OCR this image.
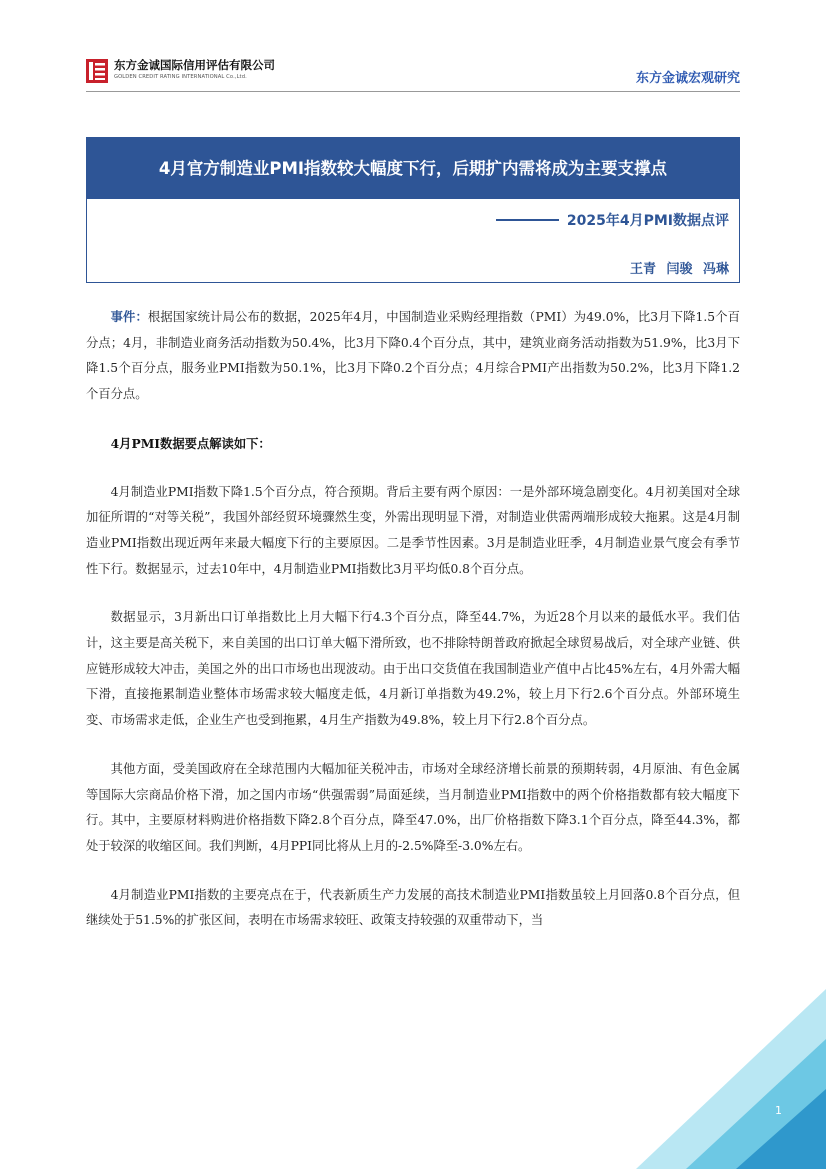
东方金诚国际信用评估有限公司
GOLDEN CREDIT RATING INTERNATIONAL Co.,Ltd.	东方金诚宏观研究
4月官方制造业PMI指数较大幅度下行，后期扩内需将成为主要支撑点
2025年4月PMI数据点评
王青 闫骏 冯琳

事件：根据国家统计局公布的数据，2025年4月，中国制造业采购经理指数（PMI）为49.0%，比3月下降1.5个百分点；4月，非制造业商务活动指数为50.4%，比3月下降0.4个百分点，其中，建筑业商务活动指数为51.9%，比3月下降1.5个百分点，服务业PMI指数为50.1%，比3月下降0.2个百分点；4月综合PMI产出指数为50.2%，比3月下降1.2个百分点。

4月PMI数据要点解读如下：

4月制造业PMI指数下降1.5个百分点，符合预期。背后主要有两个原因：一是外部环境急剧变化。4月初美国对全球加征所谓的“对等关税”，我国外部经贸环境骤然生变，外需出现明显下滑，对制造业供需两端形成较大拖累。这是4月制造业PMI指数出现近两年来最大幅度下行的主要原因。二是季节性因素。3月是制造业旺季，4月制造业景气度会有季节性下行。数据显示，过去10年中，4月制造业PMI指数比3月平均低0.8个百分点。

数据显示，3月新出口订单指数比上月大幅下行4.3个百分点，降至44.7%，为近28个月以来的最低水平。我们估计，这主要是高关税下，来自美国的出口订单大幅下滑所致，也不排除特朗普政府掀起全球贸易战后，对全球产业链、供应链形成较大冲击，美国之外的出口市场也出现波动。由于出口交货值在我国制造业产值中占比45%左右，4月外需大幅下滑，直接拖累制造业整体市场需求较大幅度走低，4月新订单指数为49.2%，较上月下行2.6个百分点。外部环境生变、市场需求走低，企业生产也受到拖累，4月生产指数为49.8%，较上月下行2.8个百分点。

其他方面，受美国政府在全球范围内大幅加征关税冲击，市场对全球经济增长前景的预期转弱，4月原油、有色金属等国际大宗商品价格下滑，加之国内市场“供强需弱”局面延续，当月制造业PMI指数中的两个价格指数都有较大幅度下行。其中，主要原材料购进价格指数下降2.8个百分点，降至47.0%，出厂价格指数下降3.1个百分点，降至44.3%，都处于较深的收缩区间。我们判断，4月PPI同比将从上月的-2.5%降至-3.0%左右。

4月制造业PMI指数的主要亮点在于，代表新质生产力发展的高技术制造业PMI指数虽较上月回落0.8个百分点，但继续处于51.5%的扩张区间，表明在市场需求较旺、政策支持较强的双重带动下，当

1
